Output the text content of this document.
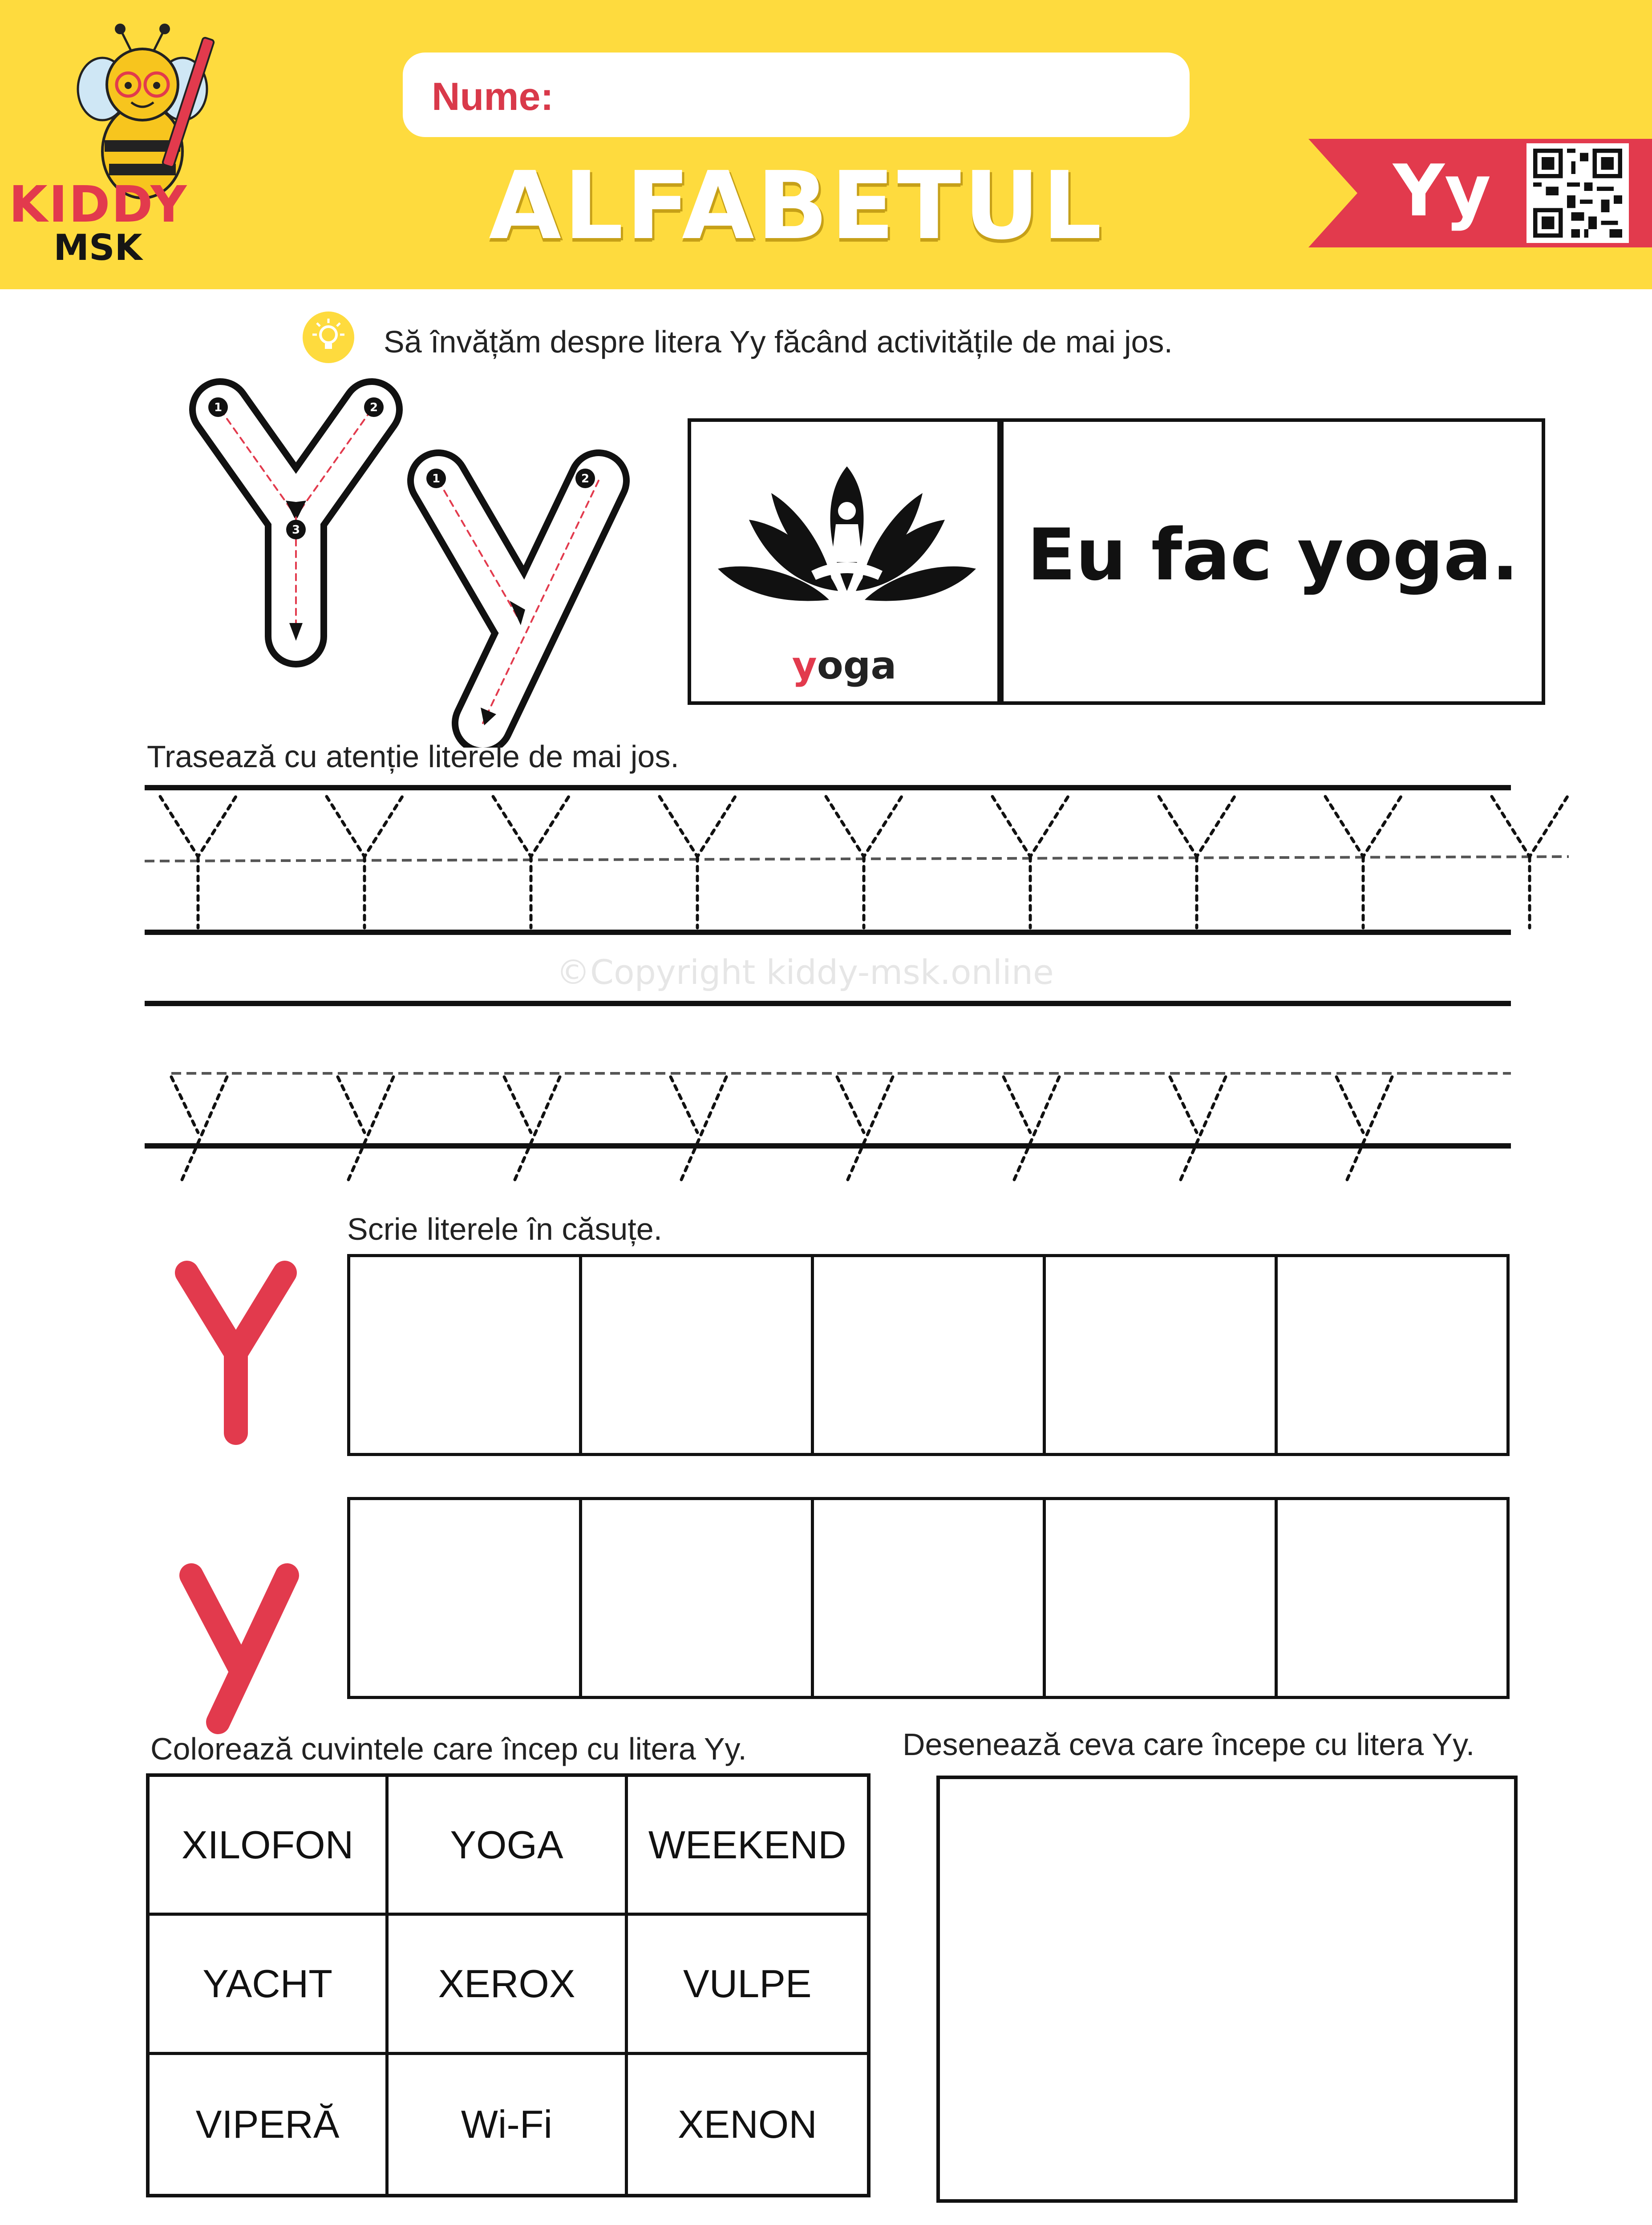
KIDDY
MSK
Nume:
ALFABETUL	Yy
Să învățăm despre litera Yy făcând activitățile de mai jos.
1	2
3
1	2
yoga
Eu fac yoga.
Trasează cu atenție literele de mai jos.
©Copyright kiddy-msk.online
Scrie literele în căsuțe.
Colorează cuvintele care încep cu litera Yy.
XILOFON	YOGA	WEEKEND
YACHT	XEROX	VULPE
VIPERĂ	Wi-Fi	XENON
Desenează ceva care începe cu litera Yy.
